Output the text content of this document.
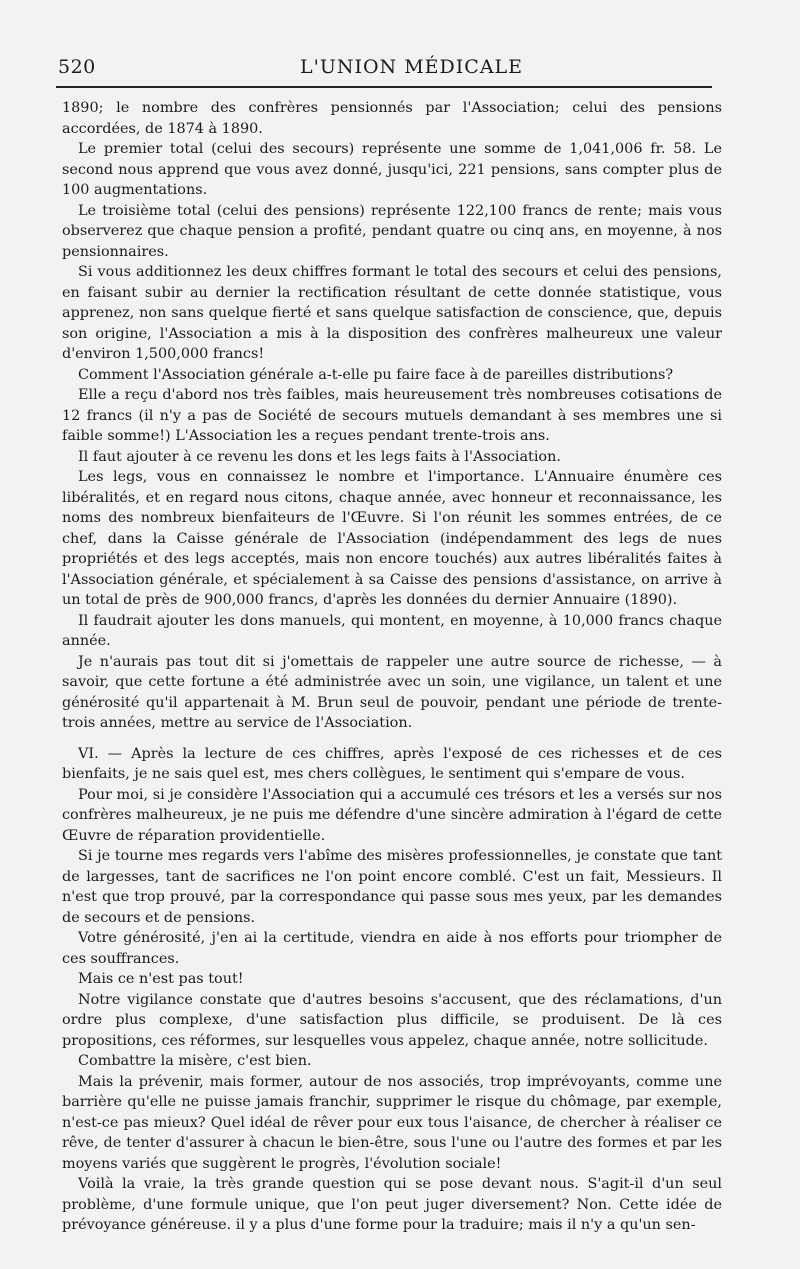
520	L'UNION MÉDICALE

1890; le nombre des confrères pensionnés par l'Association; celui des pensions accordées, de 1874 à 1890.

Le premier total (celui des secours) représente une somme de 1,041,006 fr. 58. Le second nous apprend que vous avez donné, jusqu'ici, 221 pensions, sans compter plus de 100 augmentations.

Le troisième total (celui des pensions) représente 122,100 francs de rente; mais vous observerez que chaque pension a profité, pendant quatre ou cinq ans, en moyenne, à nos pensionnaires.

Si vous additionnez les deux chiffres formant le total des secours et celui des pensions, en faisant subir au dernier la rectification résultant de cette donnée statistique, vous apprenez, non sans quelque fierté et sans quelque satisfaction de conscience, que, depuis son origine, l'Association a mis à la disposition des confrères malheureux une valeur d'environ 1,500,000 francs!

Comment l'Association générale a-t-elle pu faire face à de pareilles distributions?

Elle a reçu d'abord nos très faibles, mais heureusement très nombreuses cotisations de 12 francs (il n'y a pas de Société de secours mutuels demandant à ses membres une si faible somme!) L'Association les a reçues pendant trente-trois ans.

Il faut ajouter à ce revenu les dons et les legs faits à l'Association.

Les legs, vous en connaissez le nombre et l'importance. L'Annuaire énumère ces libéralités, et en regard nous citons, chaque année, avec honneur et reconnaissance, les noms des nombreux bienfaiteurs de l'Œuvre. Si l'on réunit les sommes entrées, de ce chef, dans la Caisse générale de l'Association (indépendamment des legs de nues propriétés et des legs acceptés, mais non encore touchés) aux autres libéralités faites à l'Association générale, et spécialement à sa Caisse des pensions d'assistance, on arrive à un total de près de 900,000 francs, d'après les données du dernier Annuaire (1890).

Il faudrait ajouter les dons manuels, qui montent, en moyenne, à 10,000 francs chaque année.

Je n'aurais pas tout dit si j'omettais de rappeler une autre source de richesse, — à savoir, que cette fortune a été administrée avec un soin, une vigilance, un talent et une générosité qu'il appartenait à M. Brun seul de pouvoir, pendant une période de trente-trois années, mettre au service de l'Association.

VI. — Après la lecture de ces chiffres, après l'exposé de ces richesses et de ces bienfaits, je ne sais quel est, mes chers collègues, le sentiment qui s'empare de vous.

Pour moi, si je considère l'Association qui a accumulé ces trésors et les a versés sur nos confrères malheureux, je ne puis me défendre d'une sincère admiration à l'égard de cette Œuvre de réparation providentielle.

Si je tourne mes regards vers l'abîme des misères professionnelles, je constate que tant de largesses, tant de sacrifices ne l'on point encore comblé. C'est un fait, Messieurs. Il n'est que trop prouvé, par la correspondance qui passe sous mes yeux, par les demandes de secours et de pensions.

Votre générosité, j'en ai la certitude, viendra en aide à nos efforts pour triompher de ces souffrances.

Mais ce n'est pas tout!

Notre vigilance constate que d'autres besoins s'accusent, que des réclamations, d'un ordre plus complexe, d'une satisfaction plus difficile, se produisent. De là ces propositions, ces réformes, sur lesquelles vous appelez, chaque année, notre sollicitude.

Combattre la misère, c'est bien.

Mais la prévenir, mais former, autour de nos associés, trop imprévoyants, comme une barrière qu'elle ne puisse jamais franchir, supprimer le risque du chômage, par exemple, n'est-ce pas mieux? Quel idéal de rêver pour eux tous l'aisance, de chercher à réaliser ce rêve, de tenter d'assurer à chacun le bien-être, sous l'une ou l'autre des formes et par les moyens variés que suggèrent le progrès, l'évolution sociale!

Voilà la vraie, la très grande question qui se pose devant nous. S'agit-il d'un seul problème, d'une formule unique, que l'on peut juger diversement? Non. Cette idée de prévoyance généreuse. il y a plus d'une forme pour la traduire; mais il n'y a qu'un sen-
